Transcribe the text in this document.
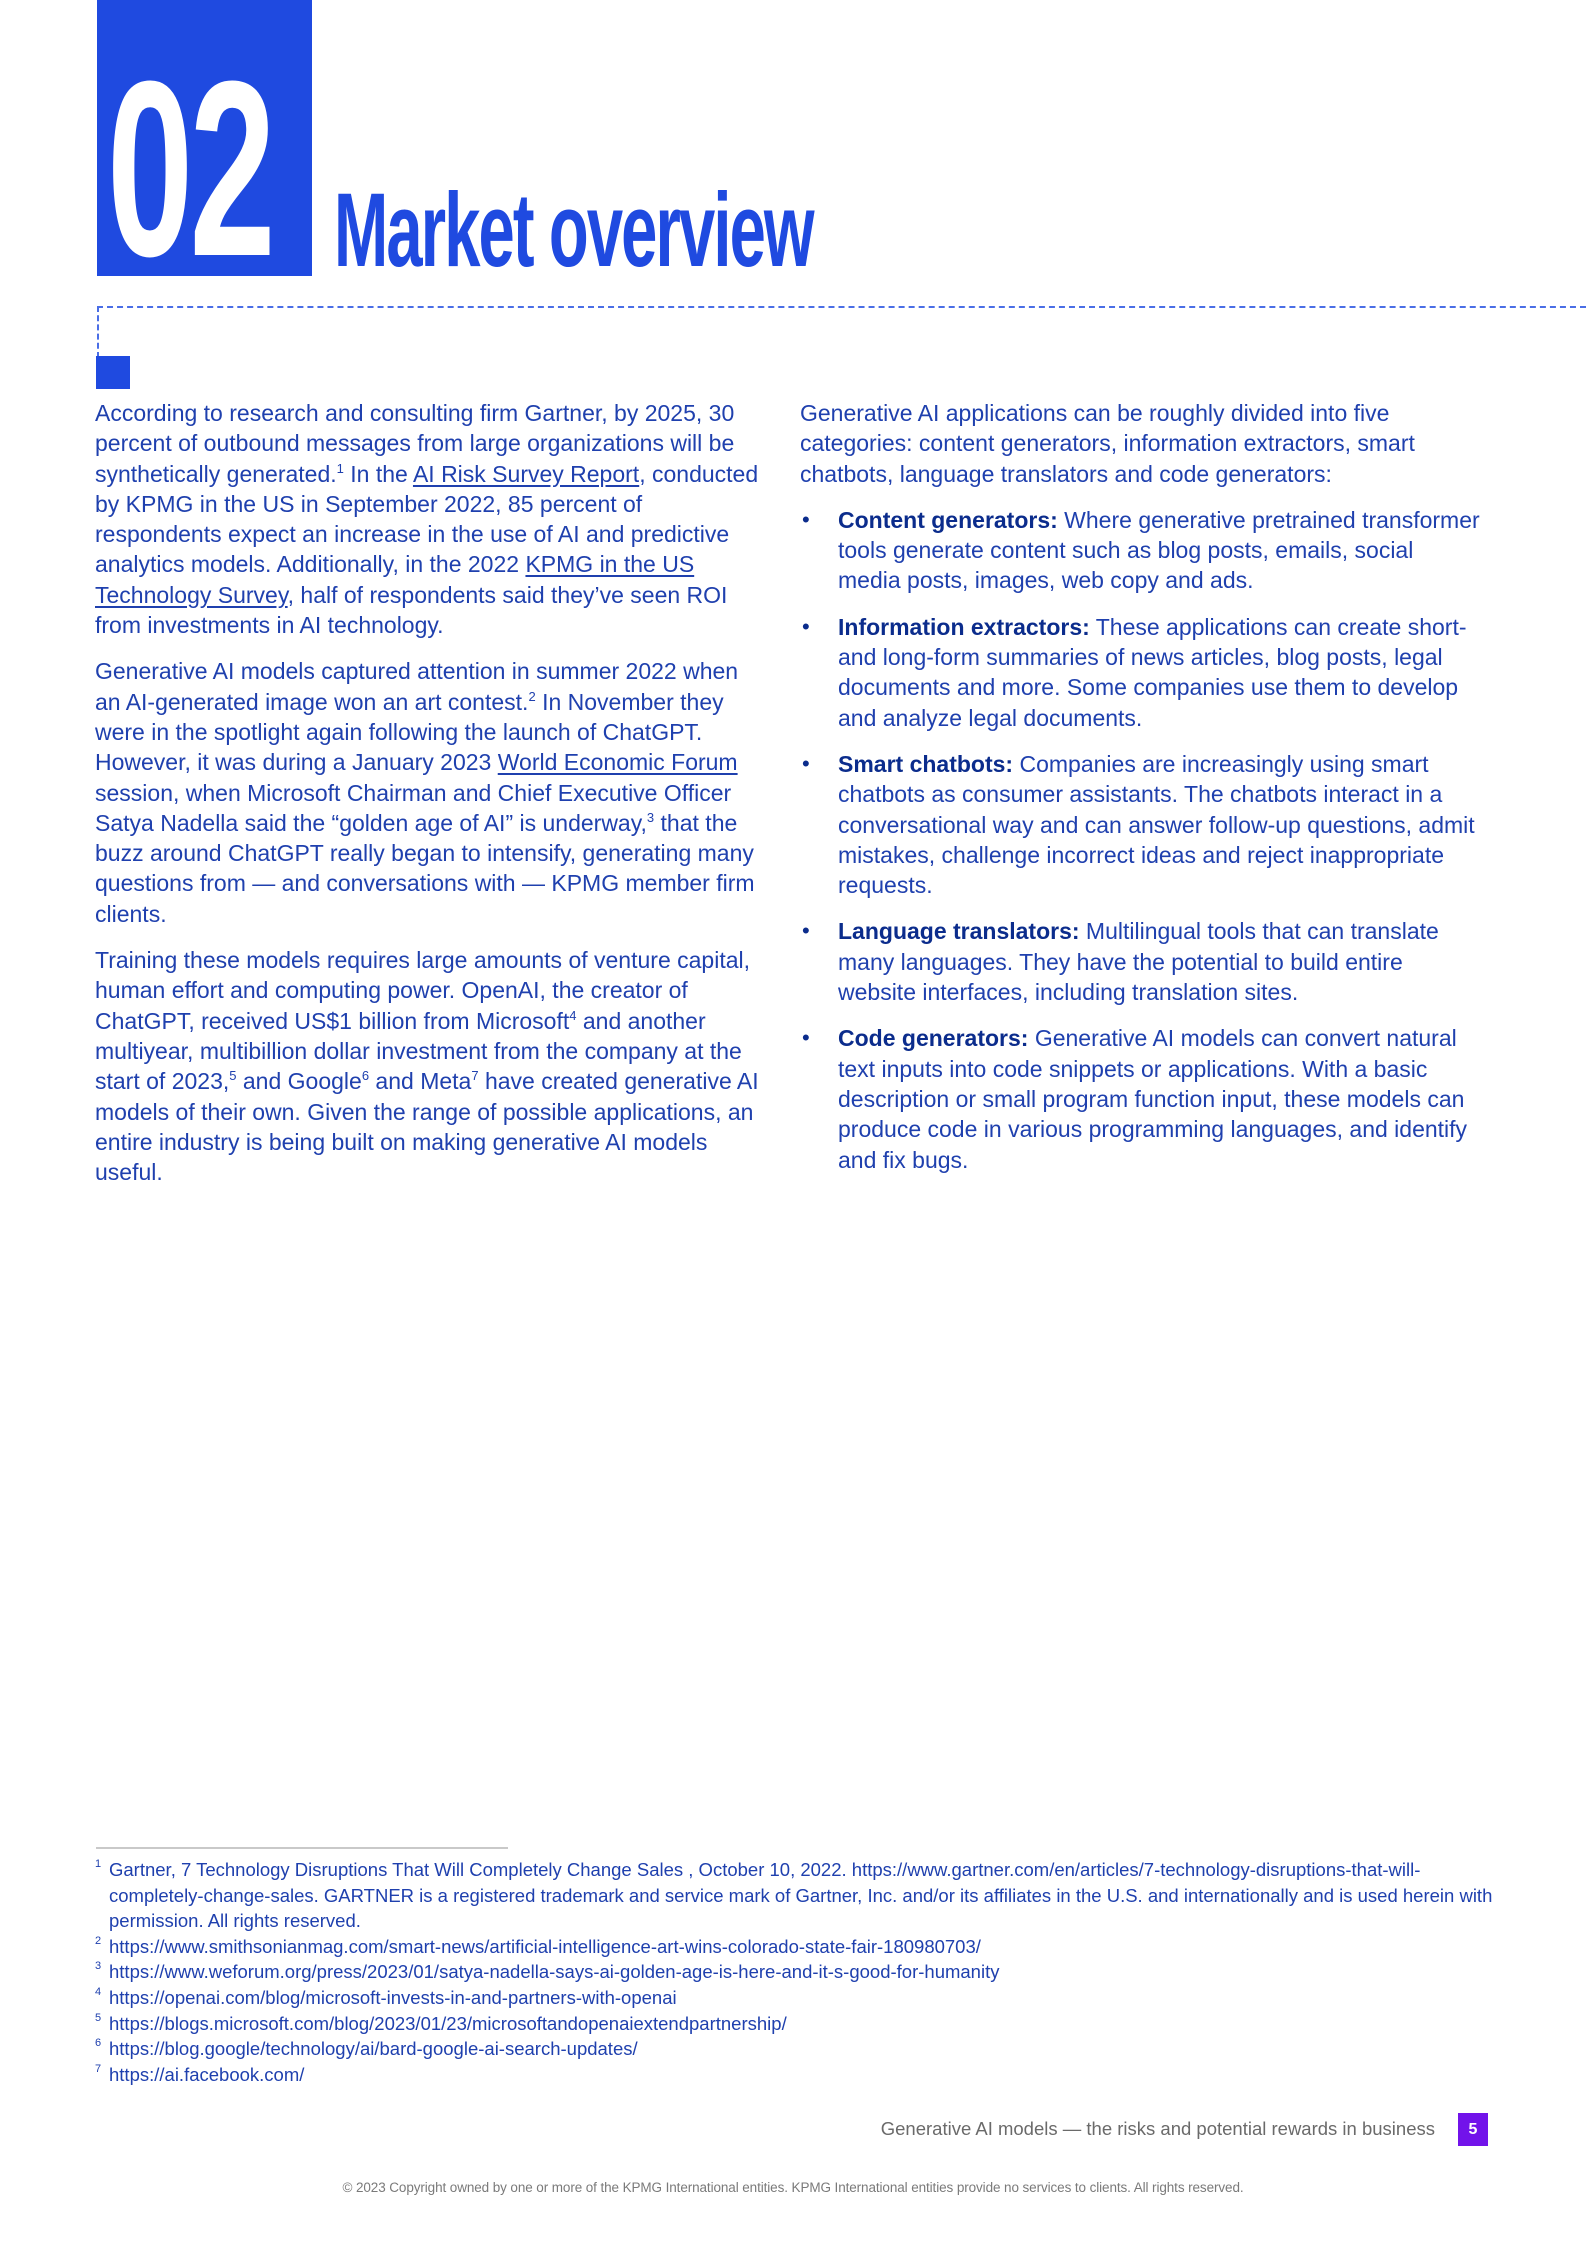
02 Market overview

According to research and consulting firm Gartner, by 2025, 30 percent of outbound messages from large organizations will be synthetically generated.$^1$ In the AI Risk Survey Report, conducted by KPMG in the US in September 2022, 85 percent of respondents expect an increase in the use of AI and predictive analytics models. Additionally, in the 2022 KPMG in the US Technology Survey, half of respondents said they’ve seen ROI from investments in AI technology.

Generative AI models captured attention in summer 2022 when an AI-generated image won an art contest.$^2$ In November they were in the spotlight again following the launch of ChatGPT. However, it was during a January 2023 World Economic Forum session, when Microsoft Chairman and Chief Executive Officer Satya Nadella said the “golden age of AI” is underway,$^3$ that the buzz around ChatGPT really began to intensify, generating many questions from — and conversations with — KPMG member firm clients.

Training these models requires large amounts of venture capital, human effort and computing power. OpenAI, the creator of ChatGPT, received US$1 billion from Microsoft$^4$ and another multiyear, multibillion dollar investment from the company at the start of 2023,$^5$ and Google$^6$ and Meta$^7$ have created generative AI models of their own. Given the range of possible applications, an entire industry is being built on making generative AI models useful.

Generative AI applications can be roughly divided into five categories: content generators, information extractors, smart chatbots, language translators and code generators:

• Content generators: Where generative pretrained transformer tools generate content such as blog posts, emails, social media posts, images, web copy and ads.
• Information extractors: These applications can create short- and long-form summaries of news articles, blog posts, legal documents and more. Some companies use them to develop and analyze legal documents.
• Smart chatbots: Companies are increasingly using smart chatbots as consumer assistants. The chatbots interact in a conversational way and can answer follow-up questions, admit mistakes, challenge incorrect ideas and reject inappropriate requests.
• Language translators: Multilingual tools that can translate many languages. They have the potential to build entire website interfaces, including translation sites.
• Code generators: Generative AI models can convert natural text inputs into code snippets or applications. With a basic description or small program function input, these models can produce code in various programming languages, and identify and fix bugs.
1 Gartner, 7 Technology Disruptions That Will Completely Change Sales , October 10, 2022. https://www.gartner.com/en/articles/7-technology-disruptions-that-will-completely-change-sales. GARTNER is a registered trademark and service mark of Gartner, Inc. and/or its affiliates in the U.S. and internationally and is used herein with permission. All rights reserved.
2 https://www.smithsonianmag.com/smart-news/artificial-intelligence-art-wins-colorado-state-fair-180980703/
3 https://www.weforum.org/press/2023/01/satya-nadella-says-ai-golden-age-is-here-and-it-s-good-for-humanity
4 https://openai.com/blog/microsoft-invests-in-and-partners-with-openai
5 https://blogs.microsoft.com/blog/2023/01/23/microsoftandopenaiextendpartnership/
6 https://blog.google/technology/ai/bard-google-ai-search-updates/
7 https://ai.facebook.com/
Generative AI models — the risks and potential rewards in business	5
© 2023 Copyright owned by one or more of the KPMG International entities. KPMG International entities provide no services to clients. All rights reserved.
